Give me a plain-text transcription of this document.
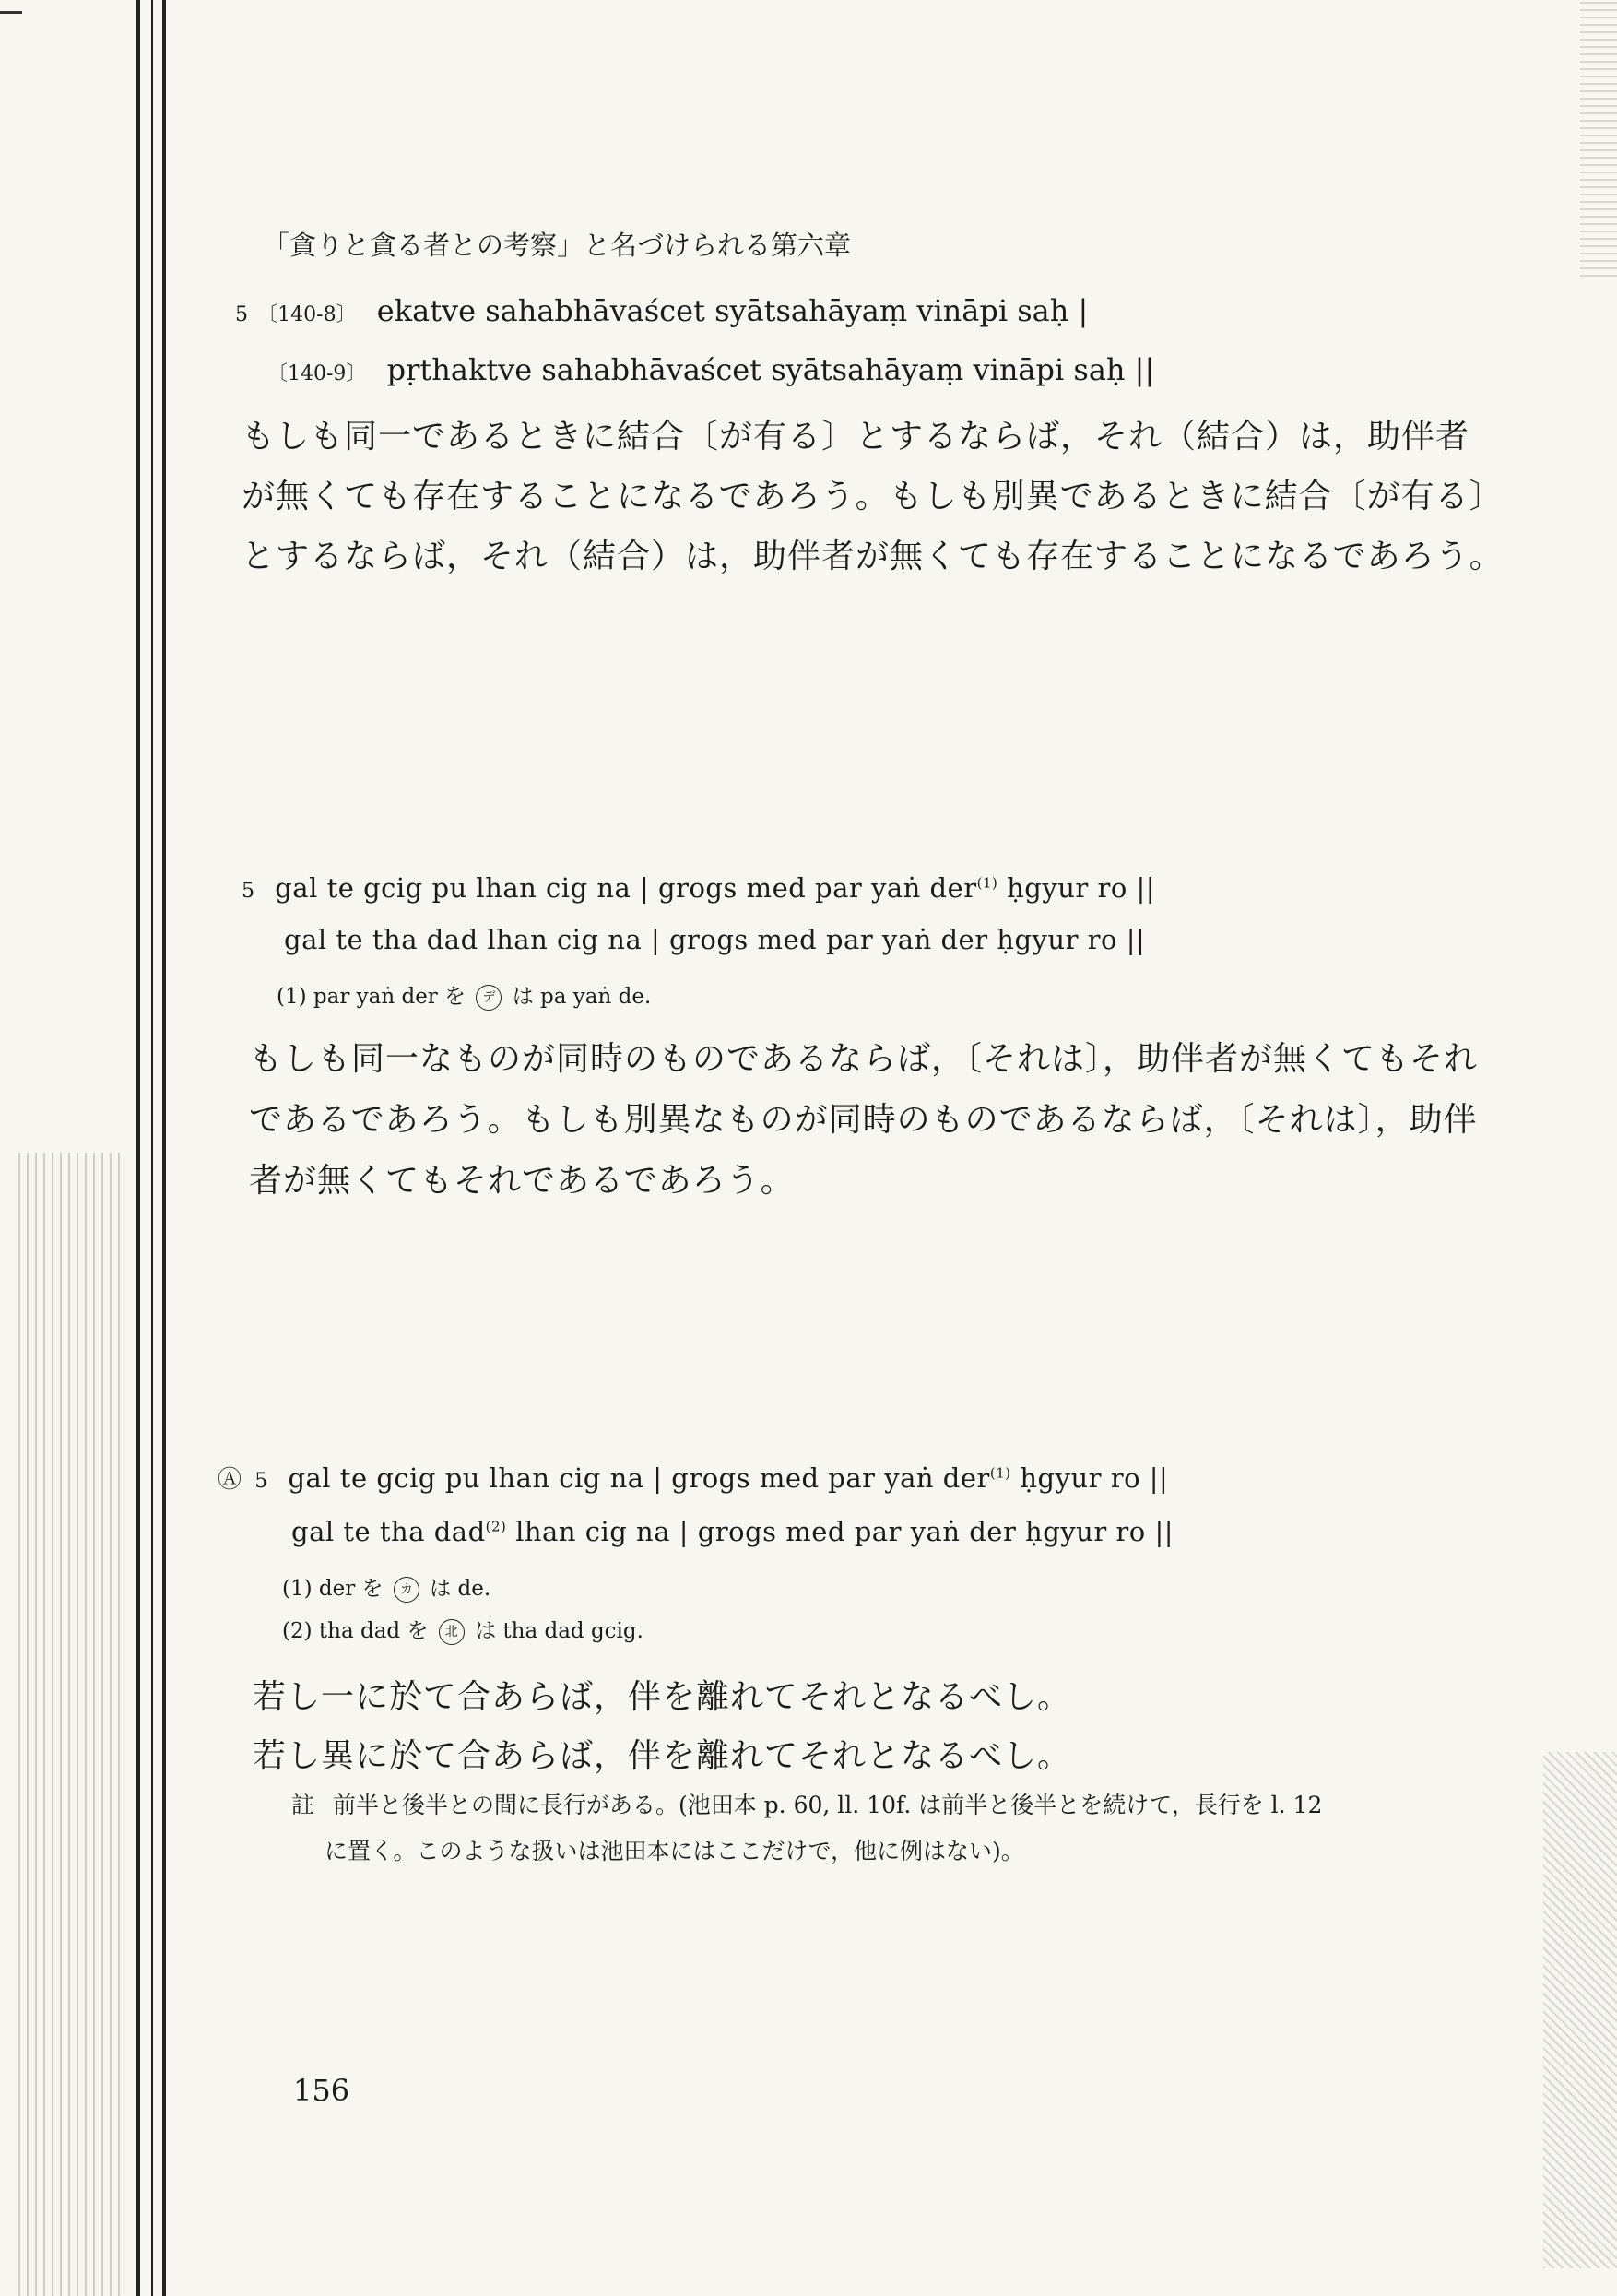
「貪りと貪る者との考察」と名づけられる第六章
5 〔140-8〕 ekatve sahabhāvaścet syātsahāyaṃ vināpi saḥ |
〔140-9〕 pṛthaktve sahabhāvaścet syātsahāyaṃ vināpi saḥ ||
もしも同一であるときに結合〔が有る〕とするならば，それ（結合）は，助伴者
が無くても存在することになるであろう。もしも別異であるときに結合〔が有る〕
とするならば，それ（結合）は，助伴者が無くても存在することになるであろう。
5 gal te gcig pu lhan cig na | grogs med par yaṅ der$^{(1)}$ ḥgyur ro ||
gal te tha dad lhan cig na | grogs med par yaṅ der ḥgyur ro ||
(1) par yaṅ der を デ は pa yaṅ de.
もしも同一なものが同時のものであるならば，〔それは〕，助伴者が無くてもそれ
であるであろう。もしも別異なものが同時のものであるならば，〔それは〕，助伴
者が無くてもそれであるであろう。
Ⓐ 5 gal te gcig pu lhan cig na | grogs med par yaṅ der$^{(1)}$ ḥgyur ro ||
gal te tha dad$^{(2)}$ lhan cig na | grogs med par yaṅ der ḥgyur ro ||
(1) der を カ は de.
(2) tha dad を 北 は tha dad gcig.
若し一に於て合あらば，伴を離れてそれとなるべし。
若し異に於て合あらば，伴を離れてそれとなるべし。
註 前半と後半との間に長行がある。(池田本 p. 60, ll. 10f. は前半と後半とを続けて，長行を l. 12
に置く。このような扱いは池田本にはここだけで，他に例はない)。
156
